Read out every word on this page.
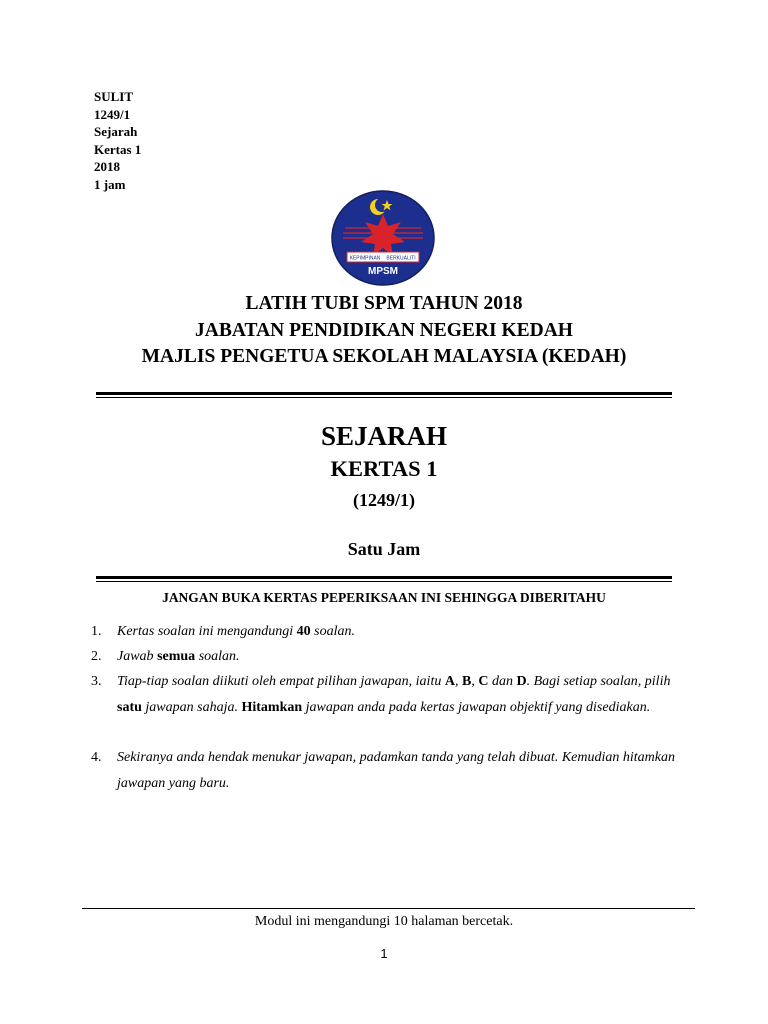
SULIT
1249/1
Sejarah
Kertas 1
2018
1 jam
KEPIMPINAN BERKUALITI
MPSM
LATIH TUBI SPM TAHUN 2018
JABATAN PENDIDIKAN NEGERI KEDAH
MAJLIS PENGETUA SEKOLAH MALAYSIA (KEDAH)
SEJARAH
KERTAS 1
(1249/1)
Satu Jam
JANGAN BUKA KERTAS PEPERIKSAAN INI SEHINGGA DIBERITAHU
1. Kertas soalan ini mengandungi 40 soalan.
2. Jawab semua soalan.
3. Tiap-tiap soalan diikuti oleh empat pilihan jawapan, iaitu A, B, C dan D. Bagi setiap soalan, pilih satu jawapan sahaja. Hitamkan jawapan anda pada kertas jawapan objektif yang disediakan.
4. Sekiranya anda hendak menukar jawapan, padamkan tanda yang telah dibuat. Kemudian hitamkan jawapan yang baru.
Modul ini mengandungi 10 halaman bercetak.
1
